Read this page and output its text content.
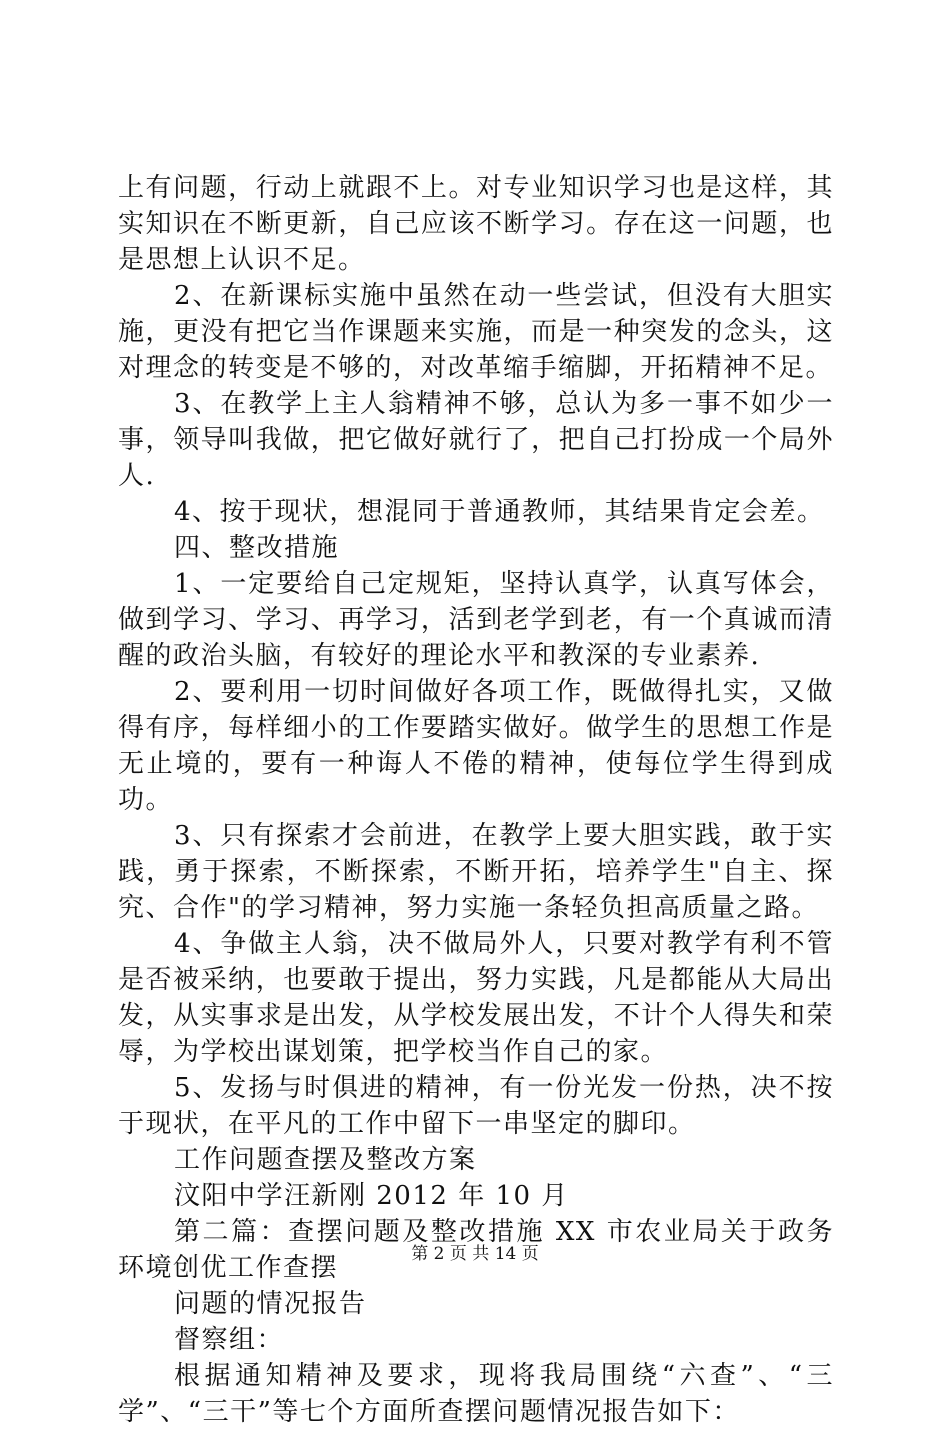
上有问题，行动上就跟不上。对专业知识学习也是这样，其实知识在不断更新，自己应该不断学习。存在这一问题，也是思想上认识不足。

2、在新课标实施中虽然在动一些尝试，但没有大胆实施，更没有把它当作课题来实施，而是一种突发的念头，这对理念的转变是不够的，对改革缩手缩脚，开拓精神不足。

3、在教学上主人翁精神不够，总认为多一事不如少一事，领导叫我做，把它做好就行了，把自己打扮成一个局外人.

4、按于现状，想混同于普通教师，其结果肯定会差。

四、整改措施

1、一定要给自己定规矩，坚持认真学，认真写体会，做到学习、学习、再学习，活到老学到老，有一个真诚而清醒的政治头脑，有较好的理论水平和教深的专业素养.

2、要利用一切时间做好各项工作，既做得扎实，又做得有序，每样细小的工作要踏实做好。做学生的思想工作是无止境的，要有一种诲人不倦的精神，使每位学生得到成功。

3、只有探索才会前进，在教学上要大胆实践，敢于实践，勇于探索，不断探索，不断开拓，培养学生"自主、探究、合作"的学习精神，努力实施一条轻负担高质量之路。

4、争做主人翁，决不做局外人，只要对教学有利不管是否被采纳，也要敢于提出，努力实践，凡是都能从大局出发，从实事求是出发，从学校发展出发，不计个人得失和荣辱，为学校出谋划策，把学校当作自己的家。

5、发扬与时俱进的精神，有一份光发一份热，决不按于现状，在平凡的工作中留下一串坚定的脚印。

工作问题查摆及整改方案

汶阳中学汪新刚 2012 年 10 月

第二篇：查摆问题及整改措施 XX 市农业局关于政务环境创优工作查摆

问题的情况报告

督察组：

根据通知精神及要求，现将我局围绕“六查”、“三学”、“三干”等七个方面所查摆问题情况报告如下：

第 2 页 共 14 页
